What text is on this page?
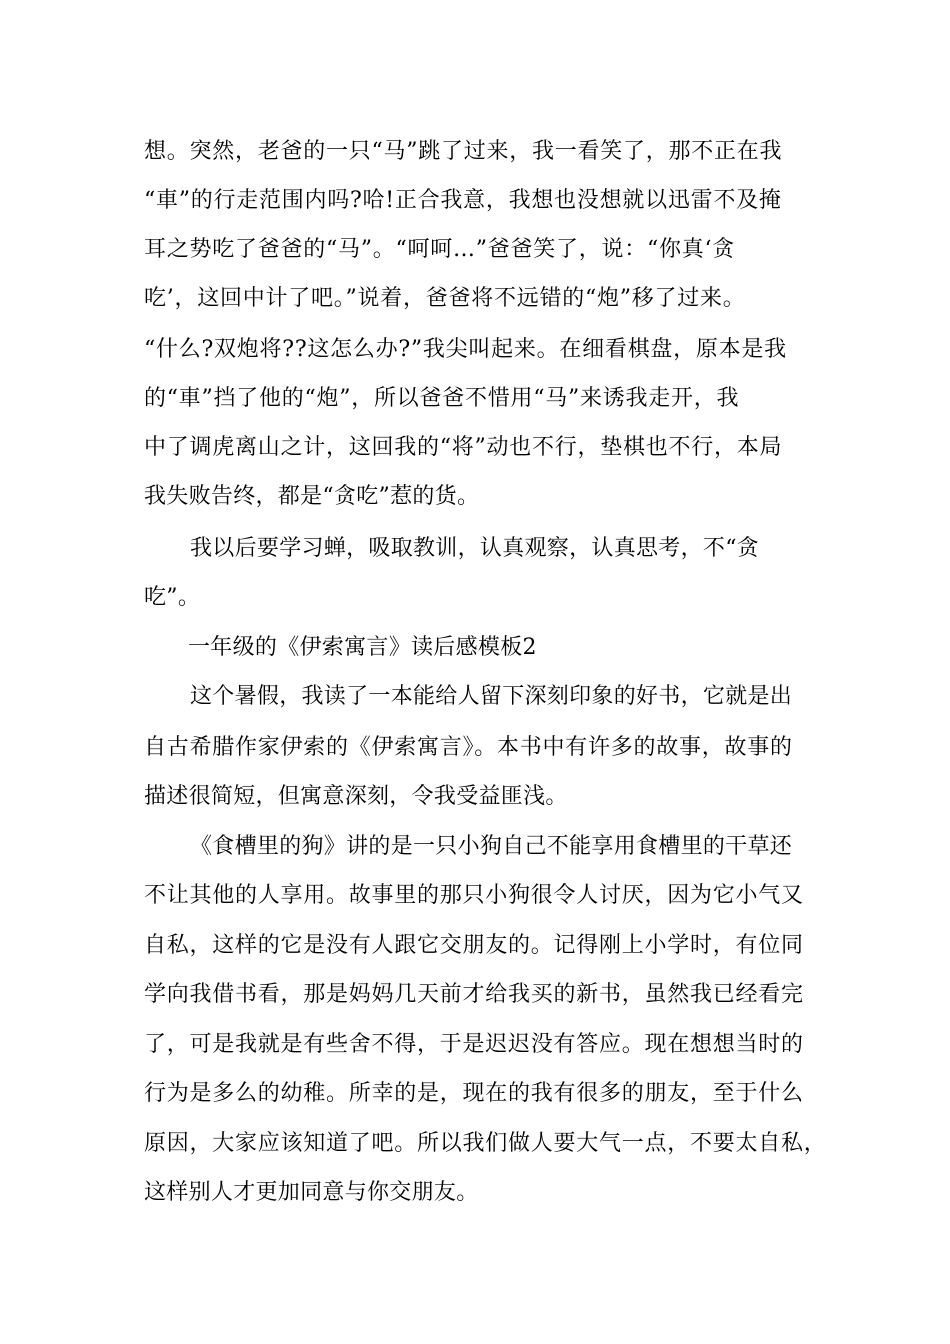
想。突然，老爸的一只“马”跳了过来，我一看笑了，那不正在我
“車”的行走范围内吗?哈!正合我意，我想也没想就以迅雷不及掩
耳之势吃了爸爸的“马”。“呵呵…”爸爸笑了，说：“你真‘贪
吃’，这回中计了吧。”说着，爸爸将不远错的“炮”移了过来。
“什么?双炮将??这怎么办?”我尖叫起来。在细看棋盘，原本是我
的“車”挡了他的“炮”，所以爸爸不惜用“马”来诱我走开，我
中了调虎离山之计，这回我的“将”动也不行，垫棋也不行，本局
我失败告终，都是“贪吃”惹的货。
我以后要学习蝉，吸取教训，认真观察，认真思考，不“贪
吃”。
一年级的《伊索寓言》读后感模板2
这个暑假，我读了一本能给人留下深刻印象的好书，它就是出
自古希腊作家伊索的《伊索寓言》。本书中有许多的故事，故事的
描述很简短，但寓意深刻，令我受益匪浅。
《食槽里的狗》讲的是一只小狗自己不能享用食槽里的干草还
不让其他的人享用。故事里的那只小狗很令人讨厌，因为它小气又
自私，这样的它是没有人跟它交朋友的。记得刚上小学时，有位同
学向我借书看，那是妈妈几天前才给我买的新书，虽然我已经看完
了，可是我就是有些舍不得，于是迟迟没有答应。现在想想当时的
行为是多么的幼稚。所幸的是，现在的我有很多的朋友，至于什么
原因，大家应该知道了吧。所以我们做人要大气一点，不要太自私，
这样别人才更加同意与你交朋友。
